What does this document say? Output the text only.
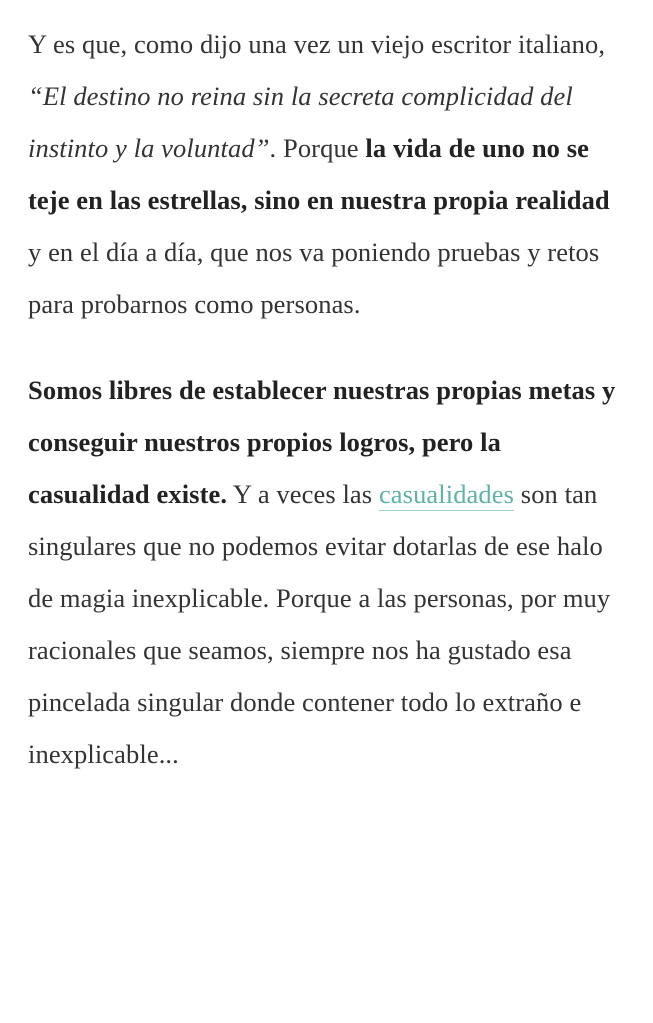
Y es que, como dijo una vez un viejo escritor italiano, “El destino no reina sin la secreta complicidad del instinto y la voluntad”. Porque la vida de uno no se teje en las estrellas, sino en nuestra propia realidad y en el día a día, que nos va poniendo pruebas y retos para probarnos como personas.

Somos libres de establecer nuestras propias metas y conseguir nuestros propios logros, pero la casualidad existe. Y a veces las casualidades son tan singulares que no podemos evitar dotarlas de ese halo de magia inexplicable. Porque a las personas, por muy racionales que seamos, siempre nos ha gustado esa pincelada singular donde contener todo lo extraño e inexplicable...
